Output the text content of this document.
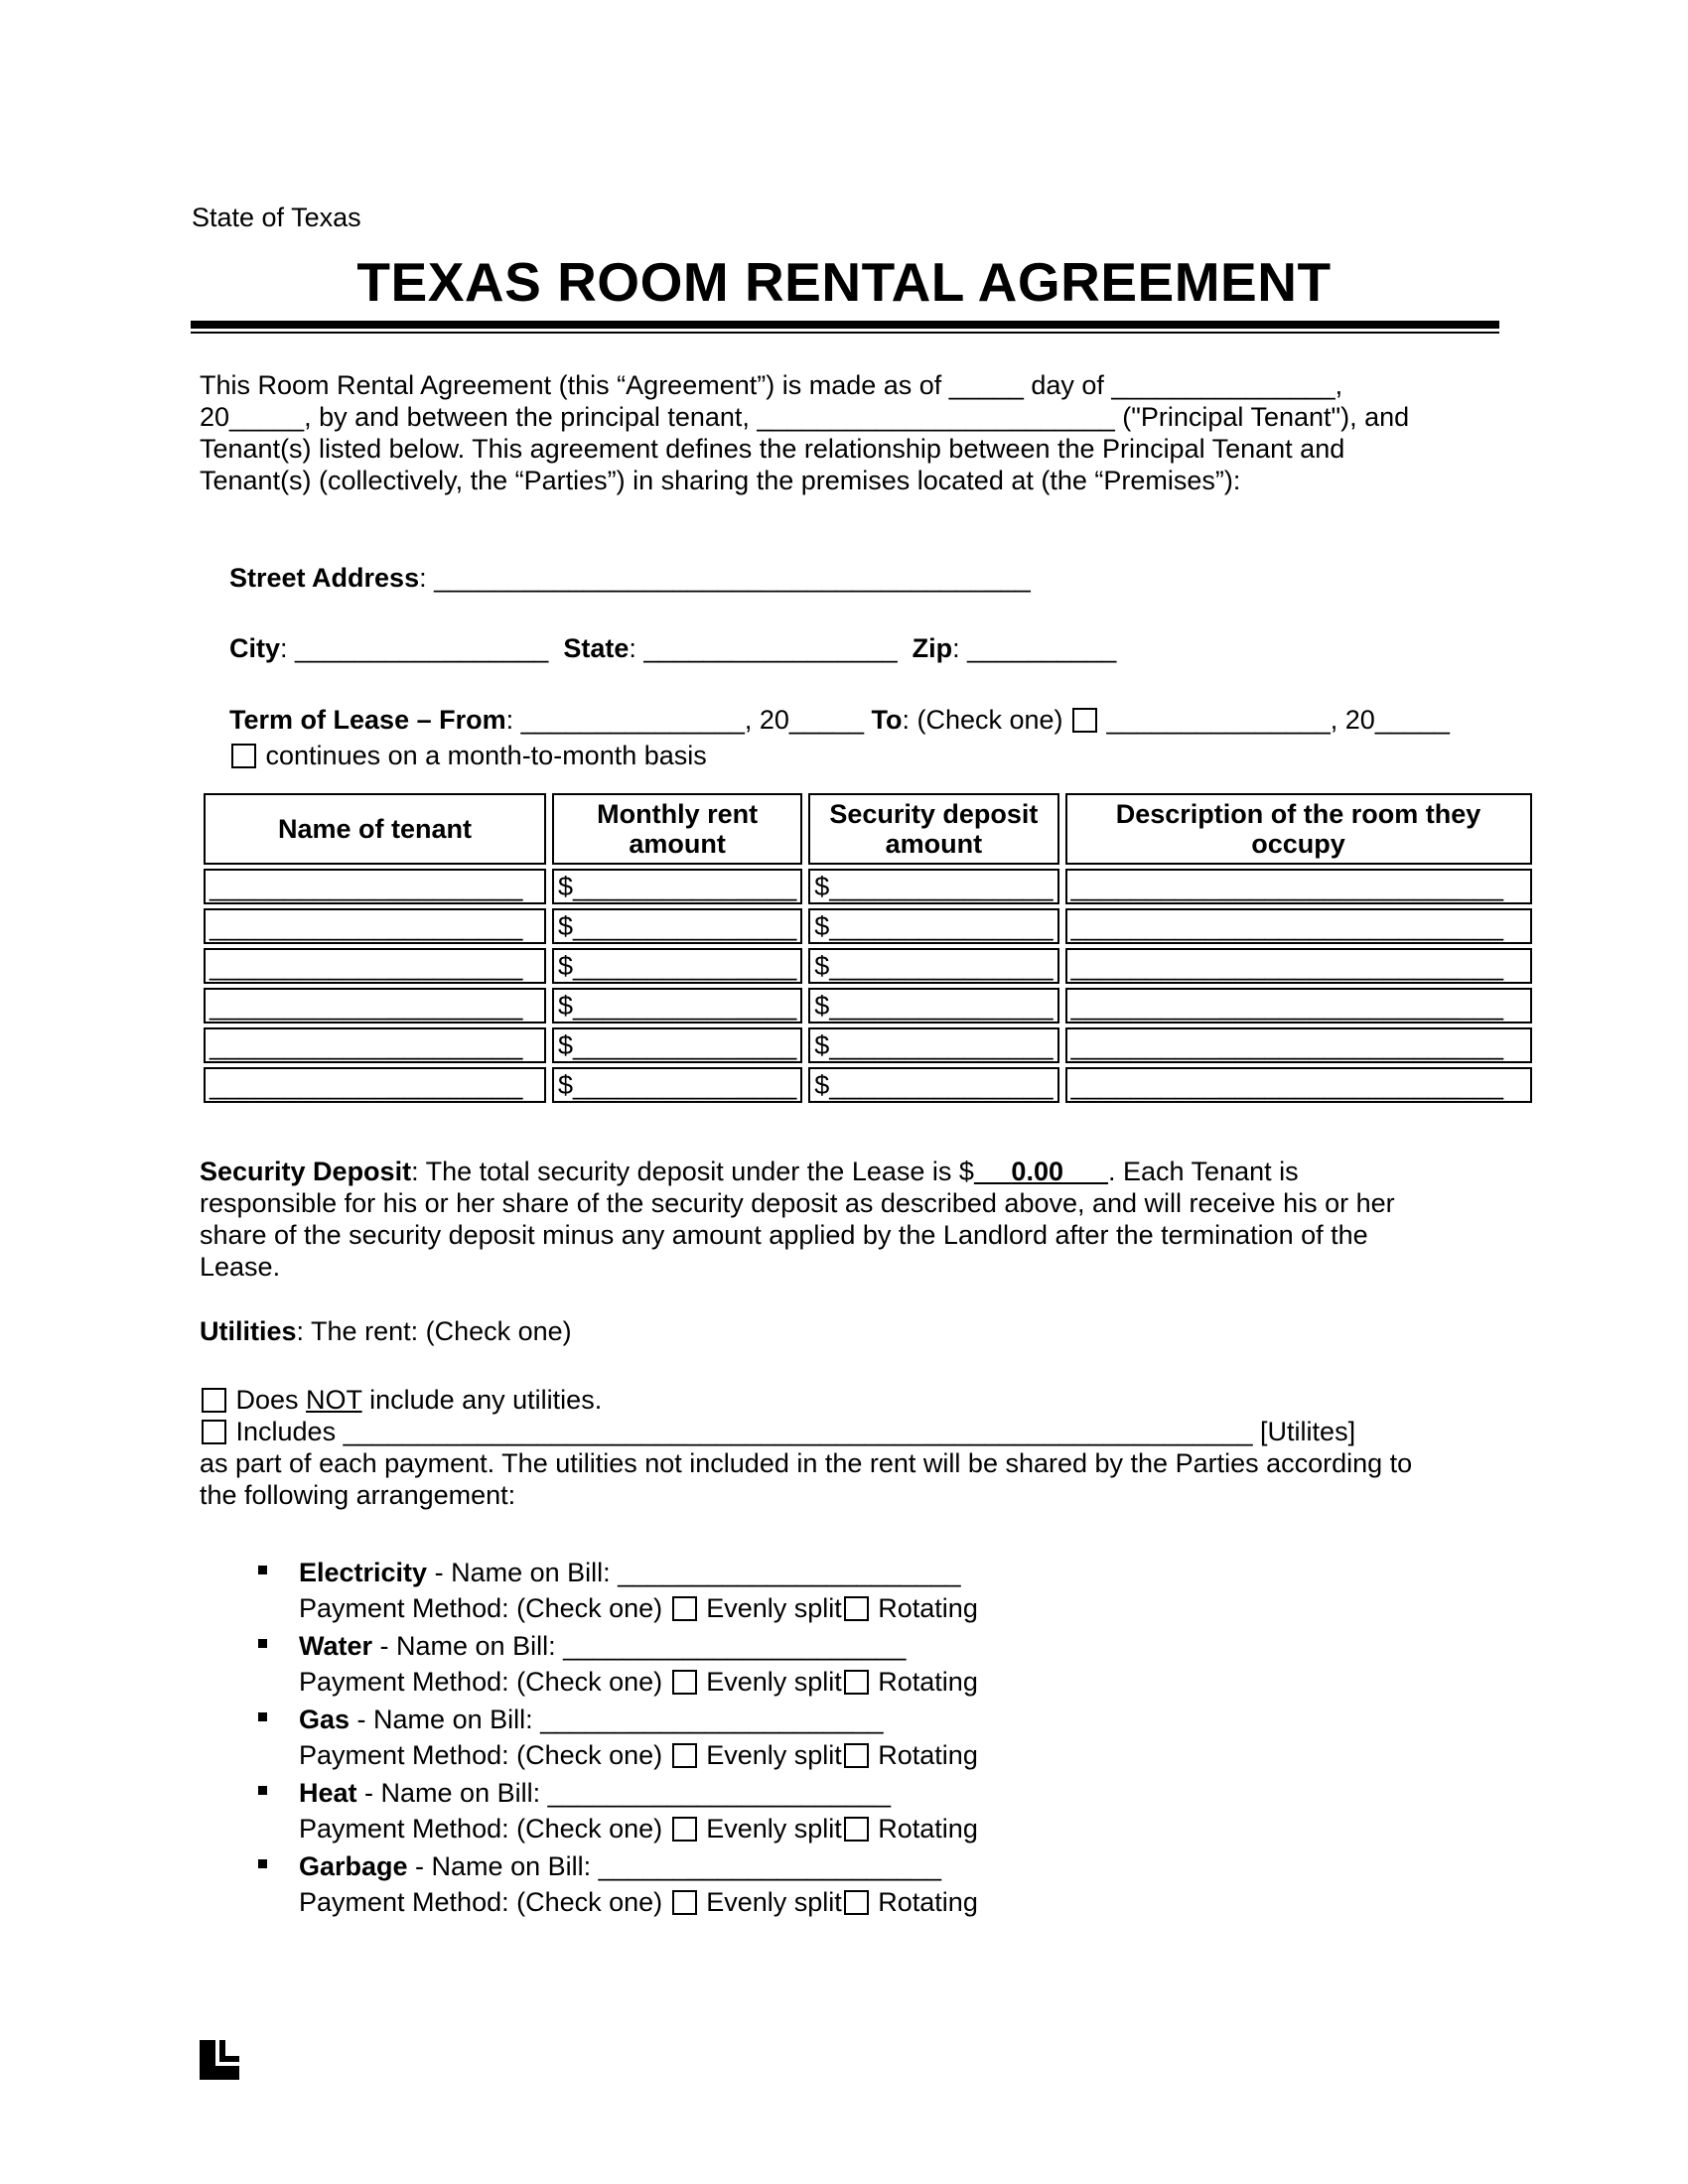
State of Texas
TEXAS ROOM RENTAL AGREEMENT

This Room Rental Agreement (this “Agreement”) is made as of _____ day of _______________,
20_____, by and between the principal tenant, ________________________ ("Principal Tenant"), and
Tenant(s) listed below. This agreement defines the relationship between the Principal Tenant and
Tenant(s) (collectively, the “Parties”) in sharing the premises located at (the “Premises”):

Street Address: ________________________________________

City: _________________  State: _________________  Zip: __________

Term of Lease – From: _______________, 20_____ To: (Check one)  _______________, 20_____

continues on a month-to-month basis

Name of tenant	Monthly rent amount	Security deposit amount	Description of the room they occupy
_____________________	$_______________	$_______________	_____________________________
_____________________	$_______________	$_______________	_____________________________
_____________________	$_______________	$_______________	_____________________________
_____________________	$_______________	$_______________	_____________________________
_____________________	$_______________	$_______________	_____________________________
_____________________	$_______________	$_______________	_____________________________

Security Deposit: The total security deposit under the Lease is $ 0.00 . Each Tenant is
responsible for his or her share of the security deposit as described above, and will receive his or her
share of the security deposit minus any amount applied by the Landlord after the termination of the
Lease.

Utilities: The rent: (Check one)

Does NOT include any utilities.
Includes _____________________________________________________________ [Utilites]
as part of each payment. The utilities not included in the rent will be shared by the Parties according to
the following arrangement:

Electricity - Name on Bill: _______________________
Payment Method: (Check one)  Evenly split Rotating
Water - Name on Bill: _______________________
Payment Method: (Check one)  Evenly split Rotating
Gas - Name on Bill: _______________________
Payment Method: (Check one)  Evenly split Rotating
Heat - Name on Bill: _______________________
Payment Method: (Check one)  Evenly split Rotating
Garbage - Name on Bill: _______________________
Payment Method: (Check one)  Evenly split Rotating
